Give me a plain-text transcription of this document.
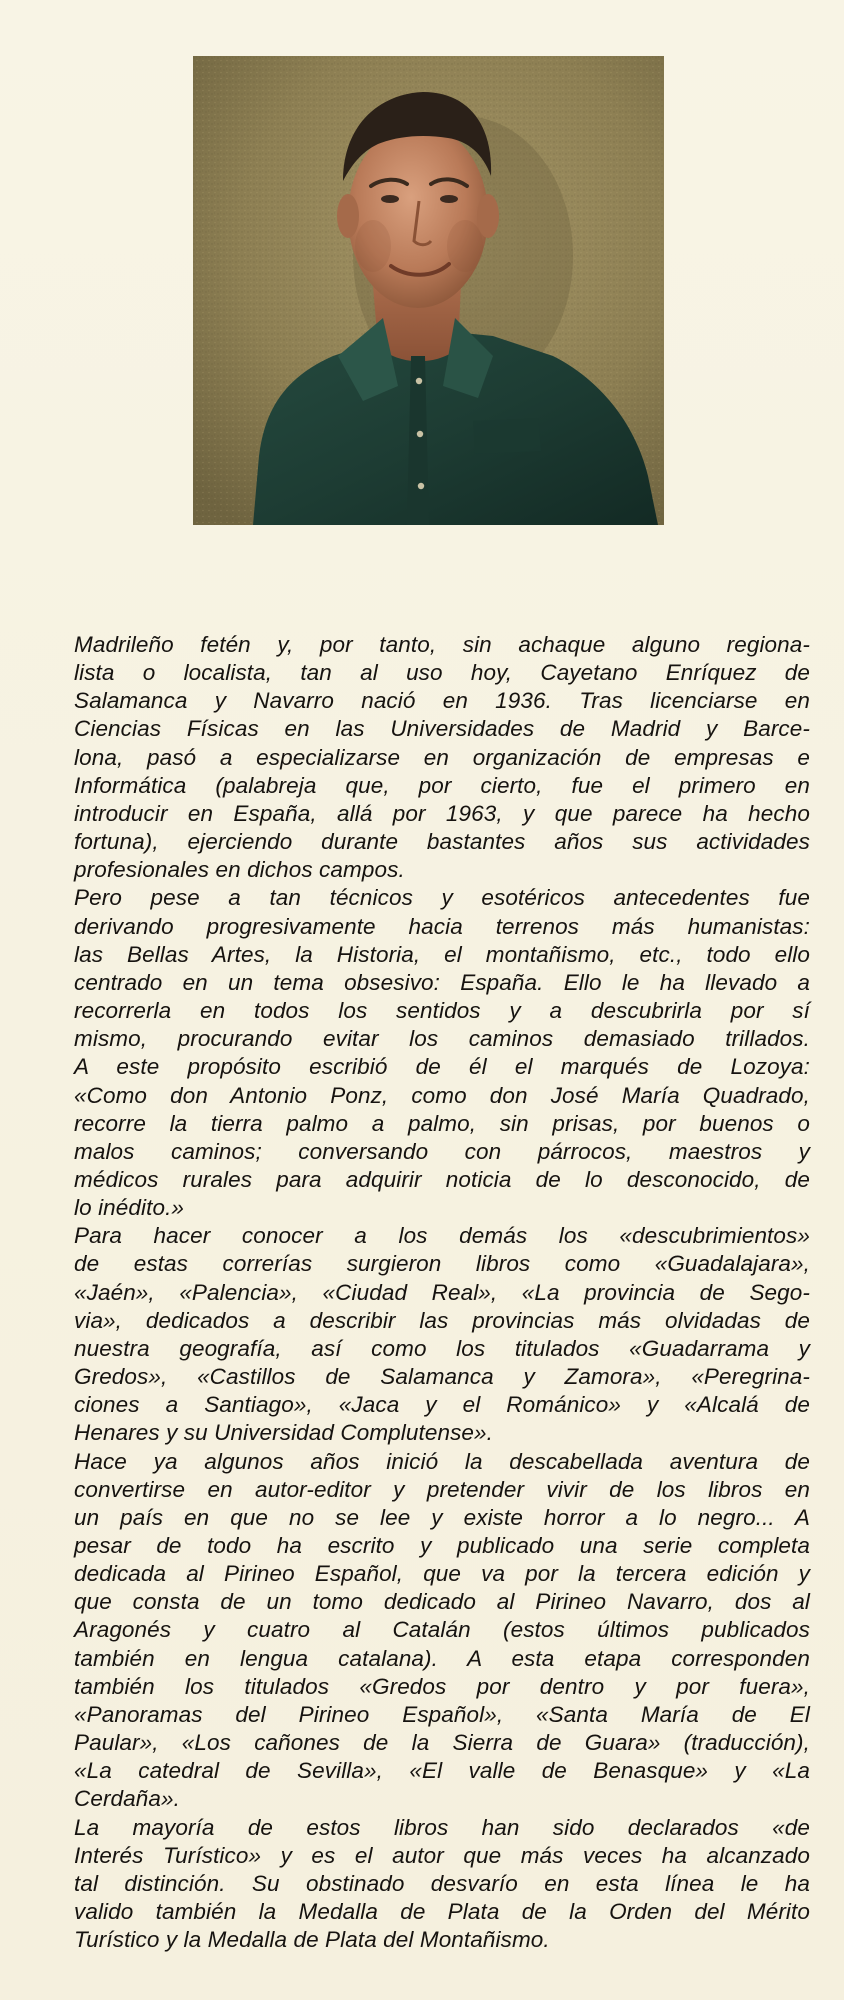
Madrileño fetén y, por tanto, sin achaque alguno regiona-
lista o localista, tan al uso hoy, Cayetano Enríquez de
Salamanca y Navarro nació en 1936. Tras licenciarse en
Ciencias Físicas en las Universidades de Madrid y Barce-
lona, pasó a especializarse en organización de empresas e
Informática (palabreja que, por cierto, fue el primero en
introducir en España, allá por 1963, y que parece ha hecho
fortuna), ejerciendo durante bastantes años sus actividades
profesionales en dichos campos.

Pero pese a tan técnicos y esotéricos antecedentes fue
derivando progresivamente hacia terrenos más humanistas:
las Bellas Artes, la Historia, el montañismo, etc., todo ello
centrado en un tema obsesivo: España. Ello le ha llevado a
recorrerla en todos los sentidos y a descubrirla por sí
mismo, procurando evitar los caminos demasiado trillados.
A este propósito escribió de él el marqués de Lozoya:
«Como don Antonio Ponz, como don José María Quadrado,
recorre la tierra palmo a palmo, sin prisas, por buenos o
malos caminos; conversando con párrocos, maestros y
médicos rurales para adquirir noticia de lo desconocido, de
lo inédito.»

Para hacer conocer a los demás los «descubrimientos»
de estas correrías surgieron libros como «Guadalajara»,
«Jaén», «Palencia», «Ciudad Real», «La provincia de Sego-
via», dedicados a describir las provincias más olvidadas de
nuestra geografía, así como los titulados «Guadarrama y
Gredos», «Castillos de Salamanca y Zamora», «Peregrina-
ciones a Santiago», «Jaca y el Románico» y «Alcalá de
Henares y su Universidad Complutense».

Hace ya algunos años inició la descabellada aventura de
convertirse en autor-editor y pretender vivir de los libros en
un país en que no se lee y existe horror a lo negro... A
pesar de todo ha escrito y publicado una serie completa
dedicada al Pirineo Español, que va por la tercera edición y
que consta de un tomo dedicado al Pirineo Navarro, dos al
Aragonés y cuatro al Catalán (estos últimos publicados
también en lengua catalana). A esta etapa corresponden
también los titulados «Gredos por dentro y por fuera»,
«Panoramas del Pirineo Español», «Santa María de El
Paular», «Los cañones de la Sierra de Guara» (traducción),
«La catedral de Sevilla», «El valle de Benasque» y «La
Cerdaña».

La mayoría de estos libros han sido declarados «de
Interés Turístico» y es el autor que más veces ha alcanzado
tal distinción. Su obstinado desvarío en esta línea le ha
valido también la Medalla de Plata de la Orden del Mérito
Turístico y la Medalla de Plata del Montañismo.
